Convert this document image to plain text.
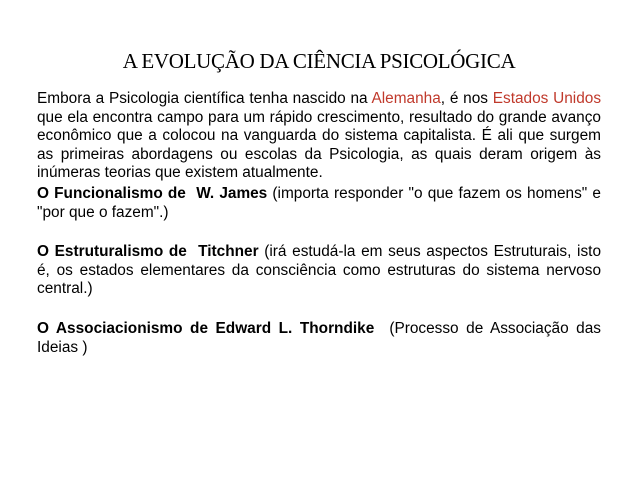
A EVOLUÇÃO DA CIÊNCIA PSICOLÓGICA

Embora a Psicologia científica tenha nascido na Alemanha, é nos Estados Unidos que ela encontra campo para um rápido crescimento, resultado do grande avanço econômico que a colocou na vanguarda do sistema capitalista. É ali que surgem as primeiras abordagens ou escolas da Psicologia, as quais deram origem às inúmeras teorias que existem atualmente.

O Funcionalismo de  W. James (importa responder "o que fazem os homens" e "por que o fazem".)

O Estruturalismo de  Titchner (irá estudá-la em seus aspectos Estruturais, isto é, os estados elementares da consciência como estruturas do sistema nervoso central.)

O Associacionismo de Edward L. Thorndike  (Processo de Associação das Ideias )
